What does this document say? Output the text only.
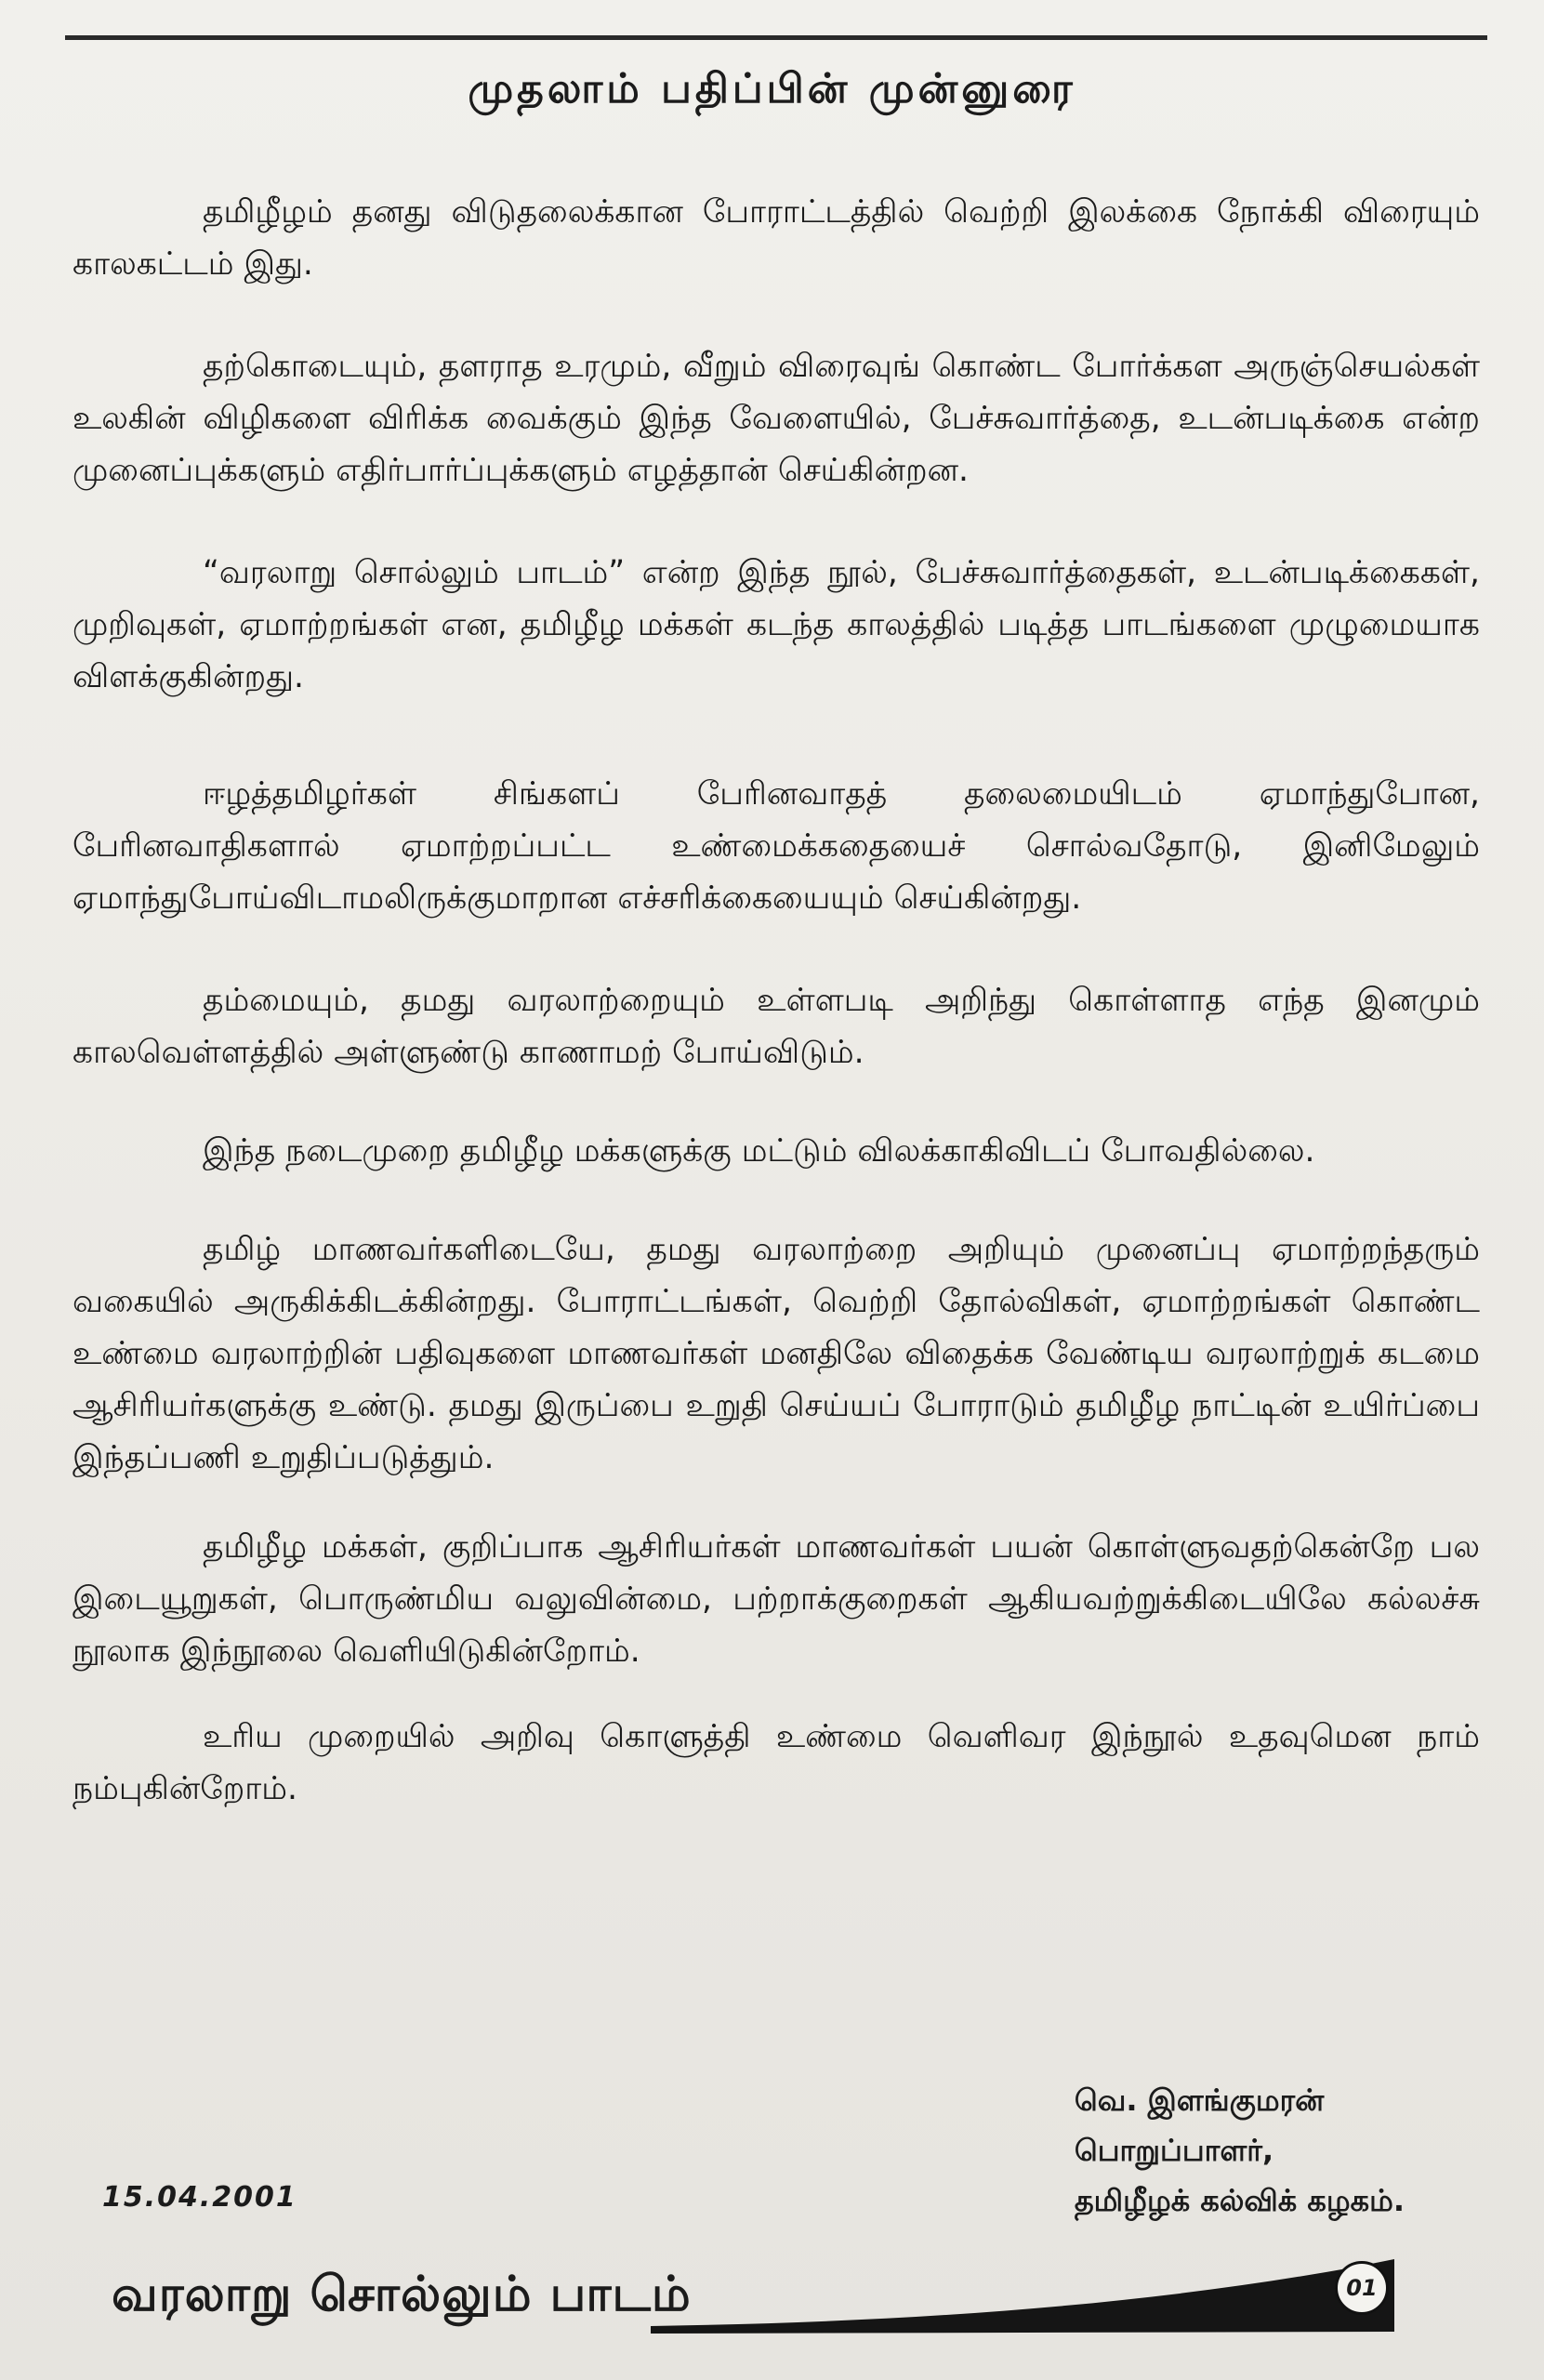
முதலாம் பதிப்பின் முன்னுரை

தமிழீழம் தனது விடுதலைக்கான போராட்டத்தில் வெற்றி இலக்கை நோக்கி விரையும் காலகட்டம் இது.

தற்கொடையும், தளராத உரமும், வீறும் விரைவுங் கொண்ட போர்க்கள அருஞ்செயல்கள் உலகின் விழிகளை விரிக்க வைக்கும் இந்த வேளையில், பேச்சுவார்த்தை, உடன்படிக்கை என்ற முனைப்புக்களும் எதிர்பார்ப்புக்களும் எழத்தான் செய்கின்றன.

“வரலாறு சொல்லும் பாடம்” என்ற இந்த நூல், பேச்சுவார்த்தைகள், உடன்படிக்கைகள், முறிவுகள், ஏமாற்றங்கள் என, தமிழீழ மக்கள் கடந்த காலத்தில் படித்த பாடங்களை முழுமையாக விளக்குகின்றது.

ஈழத்தமிழர்கள் சிங்களப் பேரினவாதத் தலைமையிடம் ஏமாந்துபோன, பேரினவாதிகளால் ஏமாற்றப்பட்ட உண்மைக்கதையைச் சொல்வதோடு, இனிமேலும் ஏமாந்துபோய்விடாமலிருக்குமாறான எச்சரிக்கையையும் செய்கின்றது.

தம்மையும், தமது வரலாற்றையும் உள்ளபடி அறிந்து கொள்ளாத எந்த இனமும் காலவெள்ளத்தில் அள்ளுண்டு காணாமற் போய்விடும்.

இந்த நடைமுறை தமிழீழ மக்களுக்கு மட்டும் விலக்காகிவிடப் போவதில்லை.

தமிழ் மாணவர்களிடையே, தமது வரலாற்றை அறியும் முனைப்பு ஏமாற்றந்தரும் வகையில் அருகிக்கிடக்கின்றது. போராட்டங்கள், வெற்றி தோல்விகள், ஏமாற்றங்கள் கொண்ட உண்மை வரலாற்றின் பதிவுகளை மாணவர்கள் மனதிலே விதைக்க வேண்டிய வரலாற்றுக் கடமை ஆசிரியர்களுக்கு உண்டு. தமது இருப்பை உறுதி செய்யப் போராடும் தமிழீழ நாட்டின் உயிர்ப்பை இந்தப்பணி உறுதிப்படுத்தும்.

தமிழீழ மக்கள், குறிப்பாக ஆசிரியர்கள் மாணவர்கள் பயன் கொள்ளுவதற்கென்றே பல இடையூறுகள், பொருண்மிய வலுவின்மை, பற்றாக்குறைகள் ஆகியவற்றுக்கிடையிலே கல்லச்சு நூலாக இந்நூலை வெளியிடுகின்றோம்.

உரிய முறையில் அறிவு கொளுத்தி உண்மை வெளிவர இந்நூல் உதவுமென நாம் நம்புகின்றோம்.

வெ. இளங்குமரன்
பொறுப்பாளர்,
தமிழீழக் கல்விக் கழகம்.
15.04.2001
வரலாறு சொல்லும் பாடம்	01
